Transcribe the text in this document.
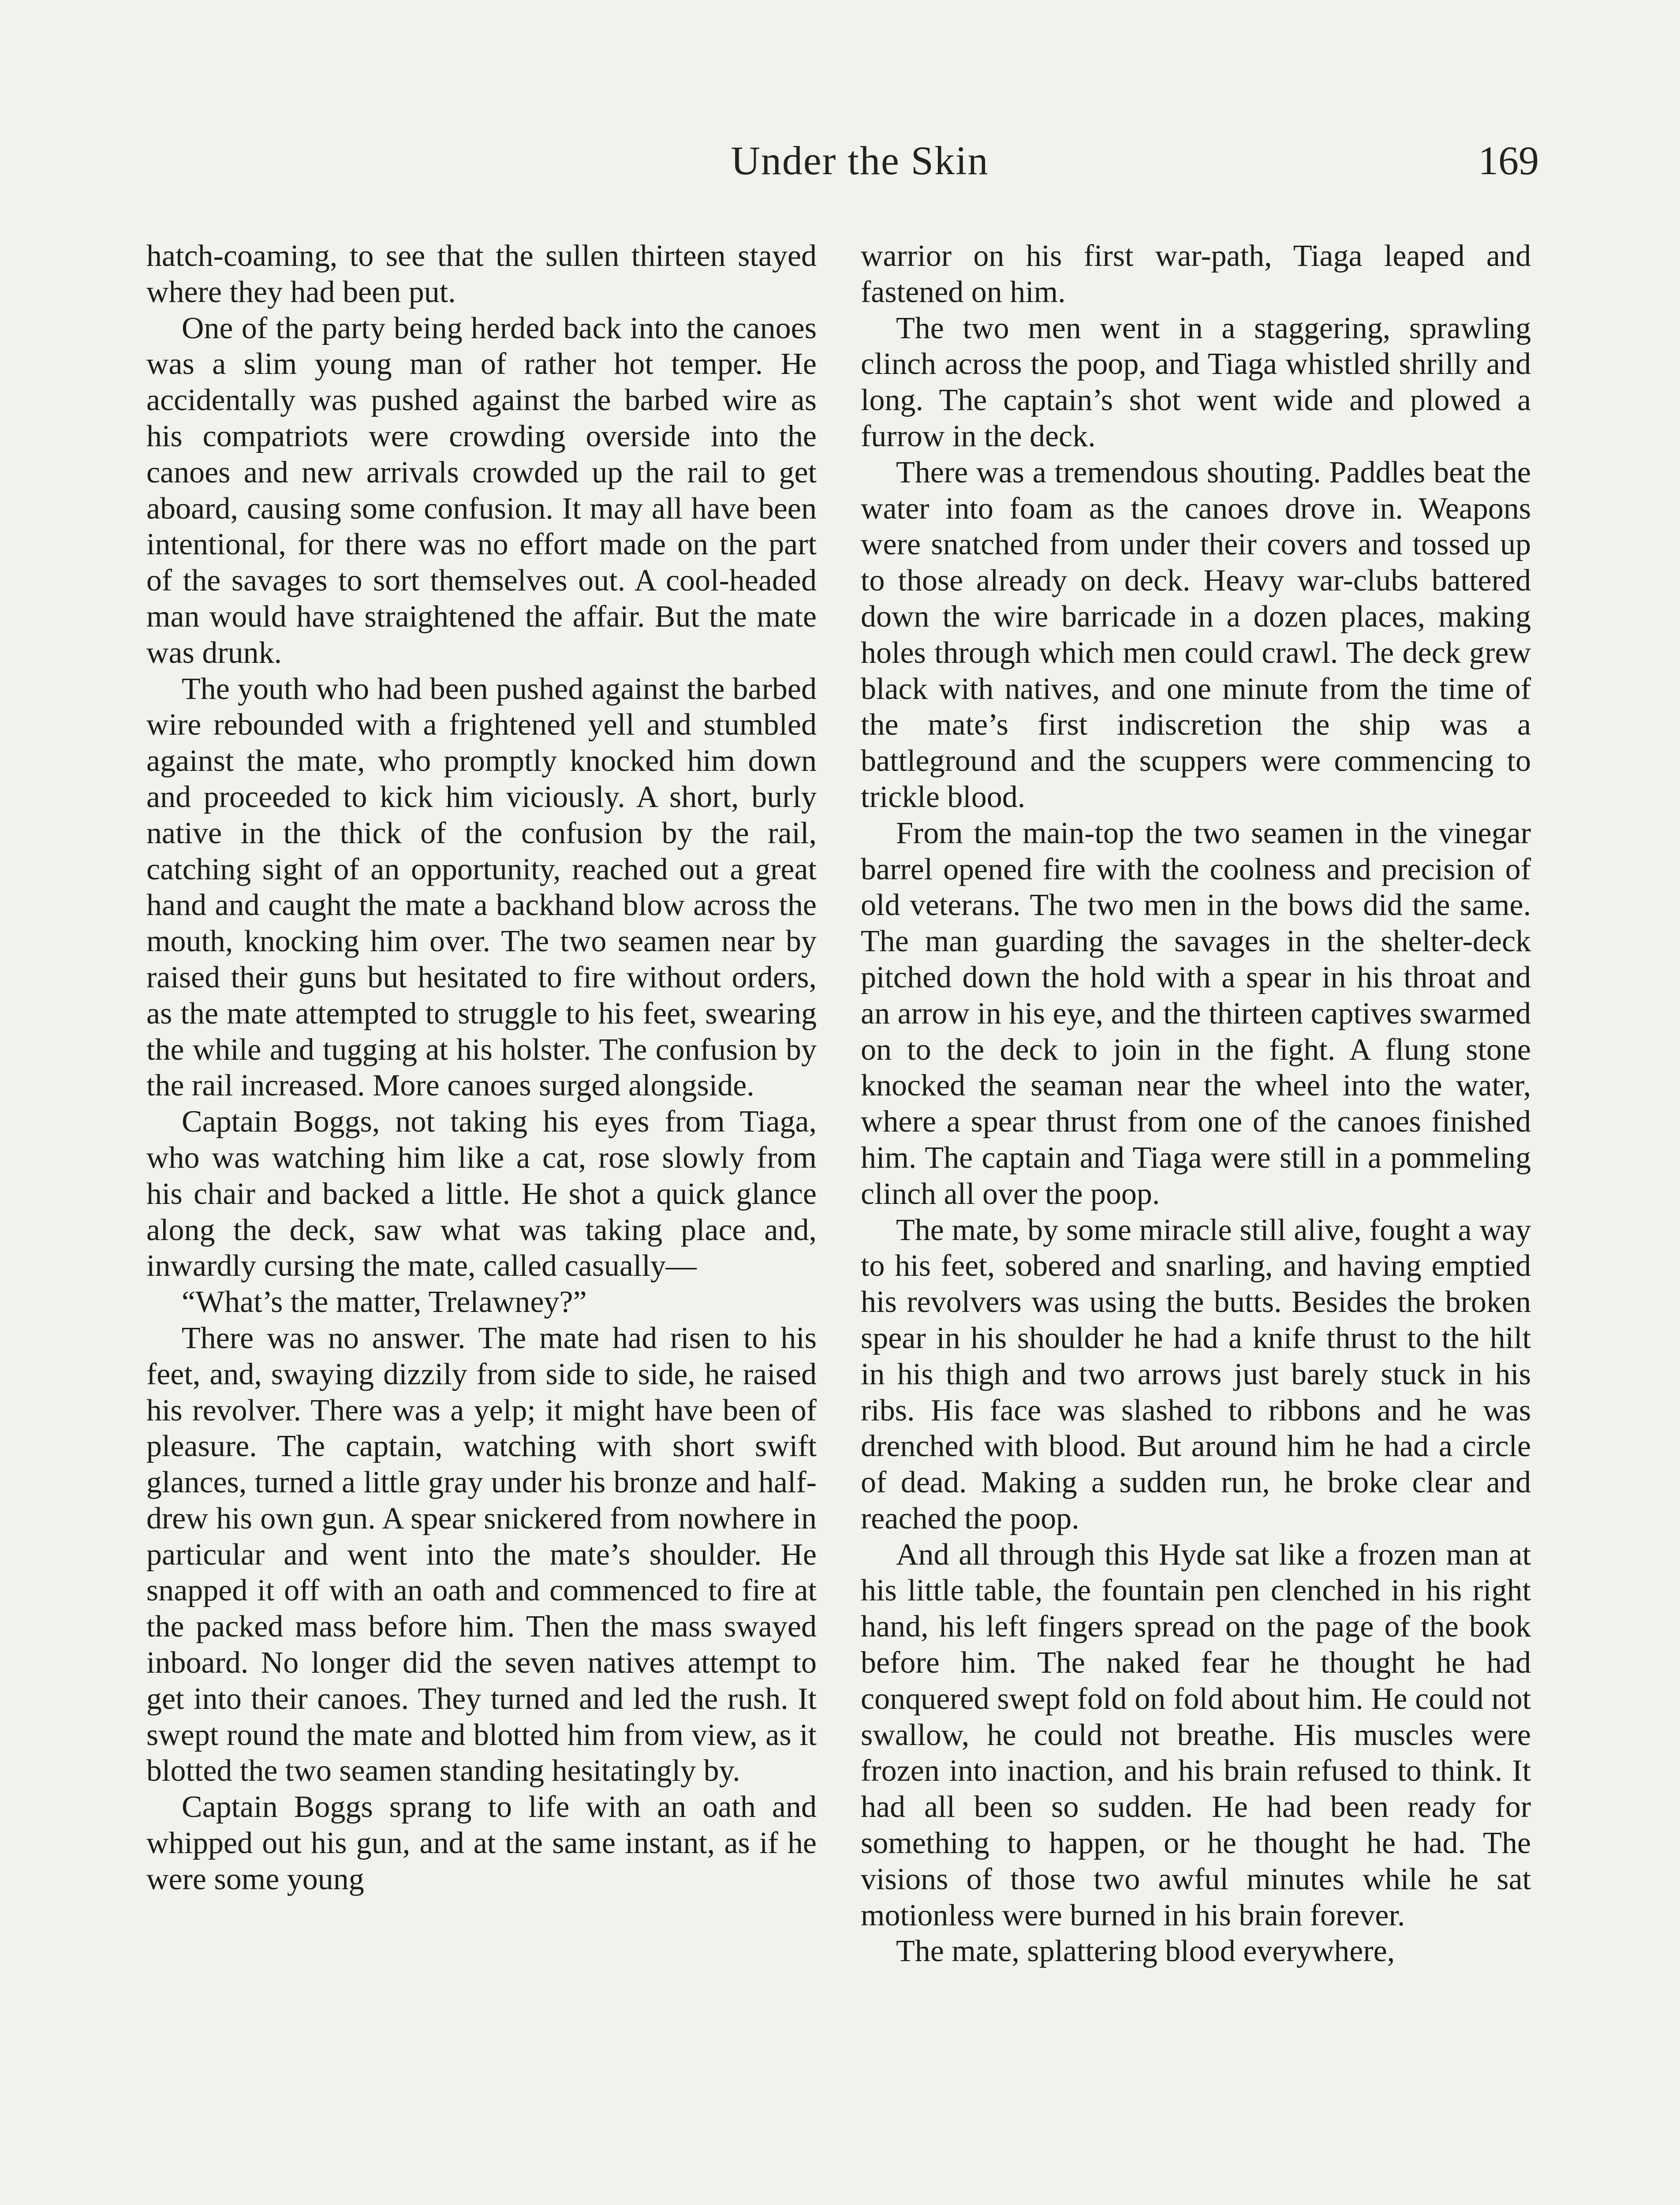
Under the Skin	169

hatch-coaming, to see that the sullen thirteen stayed where they had been put.

One of the party being herded back into the canoes was a slim young man of rather hot temper. He accidentally was pushed against the barbed wire as his compatriots were crowding overside into the canoes and new arrivals crowded up the rail to get aboard, causing some confusion. It may all have been intentional, for there was no effort made on the part of the savages to sort themselves out. A cool-headed man would have straightened the affair. But the mate was drunk.

The youth who had been pushed against the barbed wire rebounded with a frightened yell and stumbled against the mate, who promptly knocked him down and proceeded to kick him viciously. A short, burly native in the thick of the confusion by the rail, catching sight of an opportunity, reached out a great hand and caught the mate a backhand blow across the mouth, knocking him over. The two seamen near by raised their guns but hesitated to fire without orders, as the mate attempted to struggle to his feet, swearing the while and tugging at his holster. The confusion by the rail increased. More canoes surged alongside.

Captain Boggs, not taking his eyes from Tiaga, who was watching him like a cat, rose slowly from his chair and backed a little. He shot a quick glance along the deck, saw what was taking place and, inwardly cursing the mate, called casually—

“What’s the matter, Trelawney?”

There was no answer. The mate had risen to his feet, and, swaying dizzily from side to side, he raised his revolver. There was a yelp; it might have been of pleasure. The captain, watching with short swift glances, turned a little gray under his bronze and half-drew his own gun. A spear snickered from nowhere in particular and went into the mate’s shoulder. He snapped it off with an oath and commenced to fire at the packed mass before him. Then the mass swayed inboard. No longer did the seven natives attempt to get into their canoes. They turned and led the rush. It swept round the mate and blotted him from view, as it blotted the two seamen standing hesitatingly by.

Captain Boggs sprang to life with an oath and whipped out his gun, and at the same instant, as if he were some young

warrior on his first war-path, Tiaga leaped and fastened on him.

The two men went in a staggering, sprawling clinch across the poop, and Tiaga whistled shrilly and long. The captain’s shot went wide and plowed a furrow in the deck.

There was a tremendous shouting. Paddles beat the water into foam as the canoes drove in. Weapons were snatched from under their covers and tossed up to those already on deck. Heavy war-clubs battered down the wire barricade in a dozen places, making holes through which men could crawl. The deck grew black with natives, and one minute from the time of the mate’s first indiscretion the ship was a battleground and the scuppers were commencing to trickle blood.

From the main-top the two seamen in the vinegar barrel opened fire with the coolness and precision of old veterans. The two men in the bows did the same. The man guarding the savages in the shelter-deck pitched down the hold with a spear in his throat and an arrow in his eye, and the thirteen captives swarmed on to the deck to join in the fight. A flung stone knocked the seaman near the wheel into the water, where a spear thrust from one of the canoes finished him. The captain and Tiaga were still in a pommeling clinch all over the poop.

The mate, by some miracle still alive, fought a way to his feet, sobered and snarling, and having emptied his revolvers was using the butts. Besides the broken spear in his shoulder he had a knife thrust to the hilt in his thigh and two arrows just barely stuck in his ribs. His face was slashed to ribbons and he was drenched with blood. But around him he had a circle of dead. Making a sudden run, he broke clear and reached the poop.

And all through this Hyde sat like a frozen man at his little table, the fountain pen clenched in his right hand, his left fingers spread on the page of the book before him. The naked fear he thought he had conquered swept fold on fold about him. He could not swallow, he could not breathe. His muscles were frozen into inaction, and his brain refused to think. It had all been so sudden. He had been ready for something to happen, or he thought he had. The visions of those two awful minutes while he sat motionless were burned in his brain forever.

The mate, splattering blood everywhere,
